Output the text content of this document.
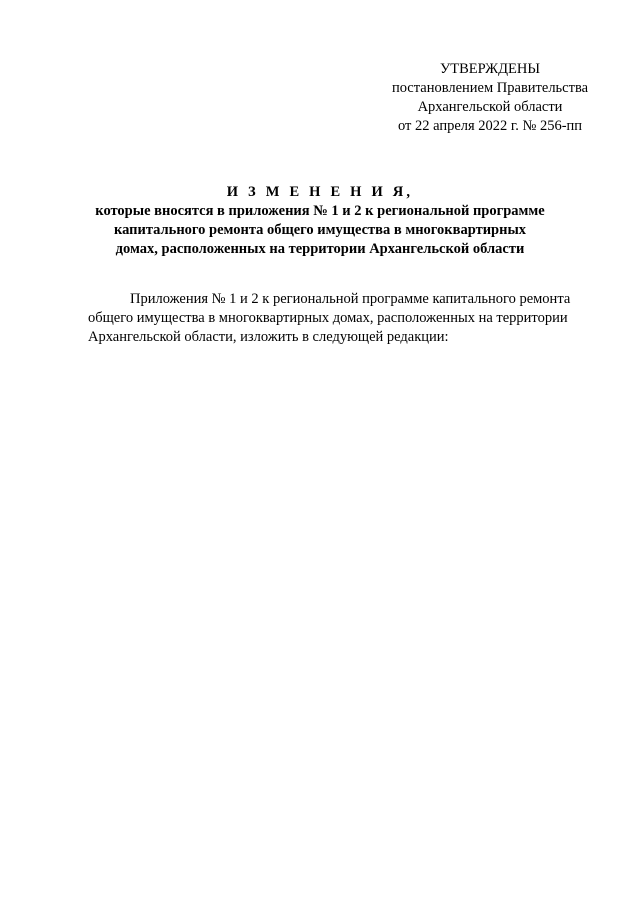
УТВЕРЖДЕНЫ
постановлением Правительства
Архангельской области
от 22 апреля 2022 г. № 256-пп
И З М Е Н Е Н И Я,
которые вносятся в приложения № 1 и 2 к региональной программе
капитального ремонта общего имущества в многоквартирных
домах, расположенных на территории Архангельской области
Приложения № 1 и 2 к региональной программе капитального ремонта
общего имущества в многоквартирных домах, расположенных на территории
Архангельской области, изложить в следующей редакции:
